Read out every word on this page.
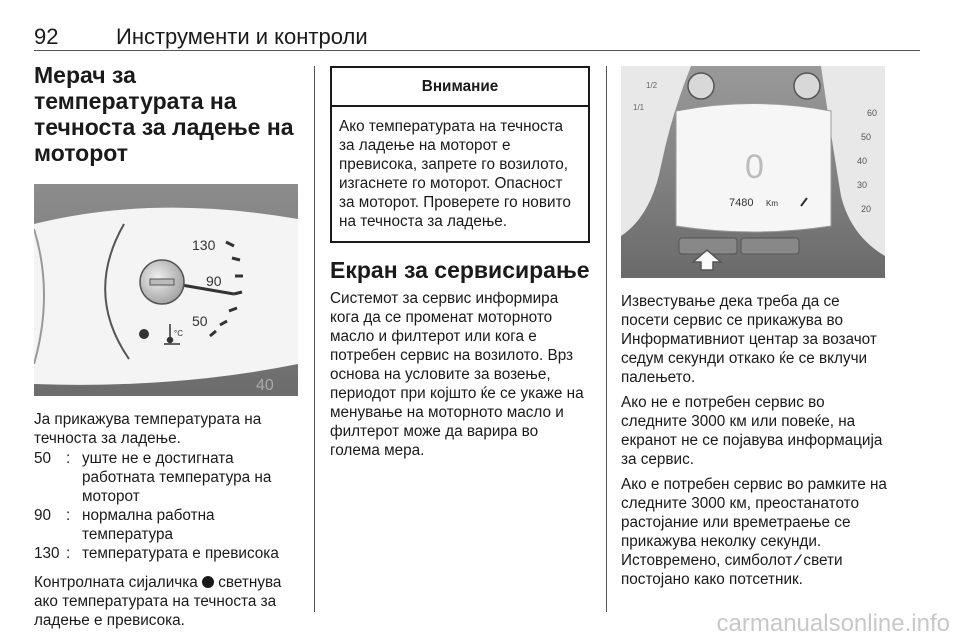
92	Инструменти и контроли
Мерач за температурата на течноста за ладење на моторот
130
90
50
°C
40

Ја прикажува температурата на течноста за ладење.

50 : уште не е достигната работната температура на моторот
90 : нормална работна температура
130 : температурата е превисока

Контролната сијаличка светнува ако температурата на течноста за ладење е превисока.

Внимание
Ако температурата на течноста за ладење на моторот е превисока, запрете го возилото, изгаснете го моторот. Опасност за моторот. Проверете го новито на течноста за ладење.
Екран за сервисирање

Системот за сервис информира кога да се променат моторното масло и филтерот или кога е потребен сервис на возилото. Врз основа на условите за возење, периодот при којшто ќе се укаже на менување на моторното масло и филтерот може да варира во голема мера.

1/2
1/1
60
50
40
30
20
0
7480 Km

Известување дека треба да се посети сервис се прикажува во Информативниот центар за возачот седум секунди откако ќе се вклучи палењето.

Ако не е потребен сервис во следните 3000 км или повеќе, на екранот не се појавува информација за сервис.

Ако е потребен сервис во рамките на следните 3000 км, преостанатото растојание или времетраење се прикажува неколку секунди. Истовремено, симболот ∕ свети постојано како потсетник.

carmanualsonline.info
